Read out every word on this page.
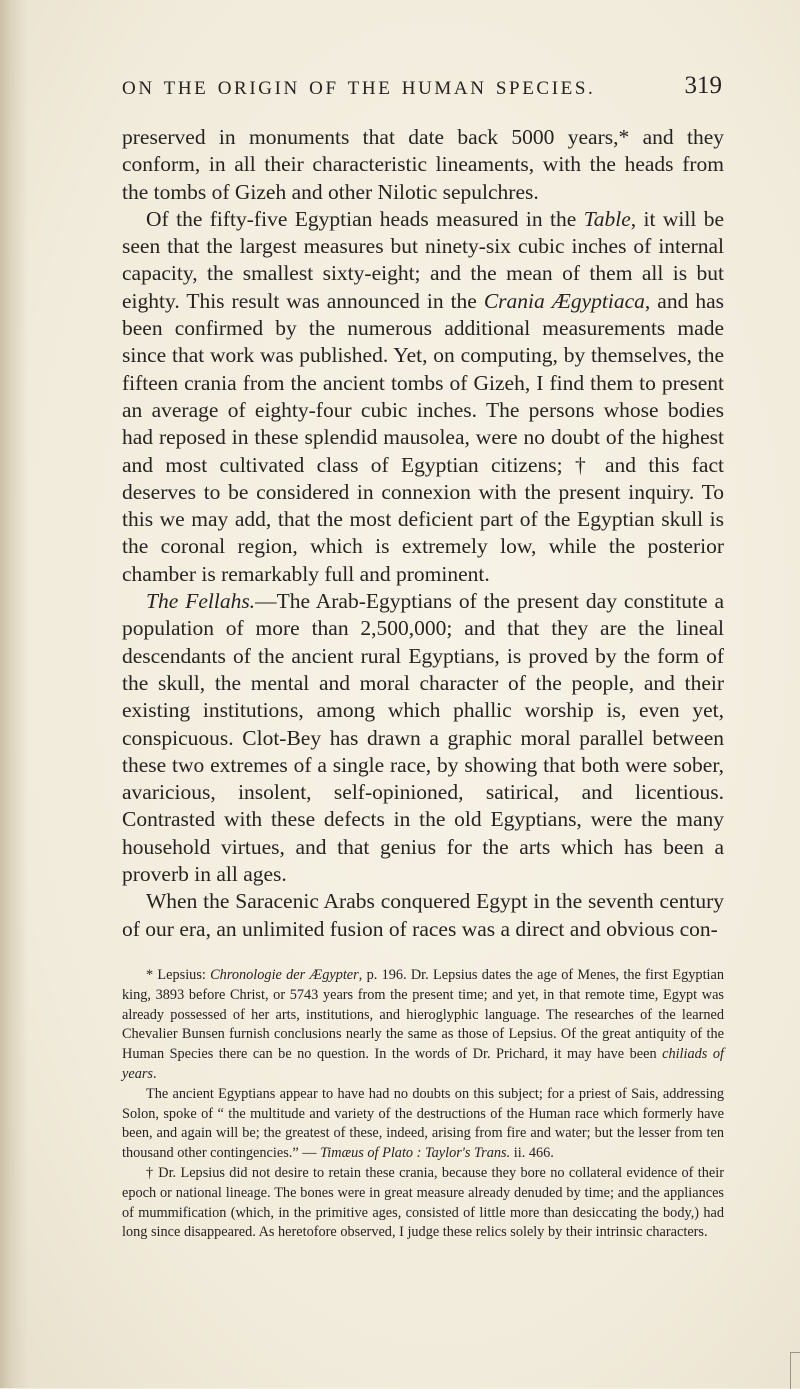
ON THE ORIGIN OF THE HUMAN SPECIES.	319

preserved in monuments that date back 5000 years,* and they conform, in all their characteristic lineaments, with the heads from the tombs of Gizeh and other Nilotic sepulchres.

Of the fifty-five Egyptian heads measured in the Table, it will be seen that the largest measures but ninety-six cubic inches of internal capacity, the smallest sixty-eight; and the mean of them all is but eighty. This result was announced in the Crania Ægyptiaca, and has been confirmed by the numerous additional measurements made since that work was published. Yet, on computing, by themselves, the fifteen crania from the ancient tombs of Gizeh, I find them to present an average of eighty-four cubic inches. The persons whose bodies had reposed in these splendid mausolea, were no doubt of the highest and most cultivated class of Egyptian citizens; † and this fact deserves to be considered in connexion with the present inquiry. To this we may add, that the most deficient part of the Egyptian skull is the coronal region, which is extremely low, while the posterior chamber is remarkably full and prominent.

The Fellahs.—The Arab-Egyptians of the present day constitute a population of more than 2,500,000; and that they are the lineal descendants of the ancient rural Egyptians, is proved by the form of the skull, the mental and moral character of the people, and their existing institutions, among which phallic worship is, even yet, conspicuous. Clot-Bey has drawn a graphic moral parallel between these two extremes of a single race, by showing that both were sober, avaricious, insolent, self-opinioned, satirical, and licentious. Contrasted with these defects in the old Egyptians, were the many household virtues, and that genius for the arts which has been a proverb in all ages.

When the Saracenic Arabs conquered Egypt in the seventh century of our era, an unlimited fusion of races was a direct and obvious con-

* Lepsius: Chronologie der Ægypter, p. 196. Dr. Lepsius dates the age of Menes, the first Egyptian king, 3893 before Christ, or 5743 years from the present time; and yet, in that remote time, Egypt was already possessed of her arts, institutions, and hieroglyphic language. The researches of the learned Chevalier Bunsen furnish conclusions nearly the same as those of Lepsius. Of the great antiquity of the Human Species there can be no question. In the words of Dr. Prichard, it may have been chiliads of years.

The ancient Egyptians appear to have had no doubts on this subject; for a priest of Sais, addressing Solon, spoke of “ the multitude and variety of the destructions of the Human race which formerly have been, and again will be; the greatest of these, indeed, arising from fire and water; but the lesser from ten thousand other contingencies.” — Timæus of Plato : Taylor's Trans. ii. 466.

† Dr. Lepsius did not desire to retain these crania, because they bore no collateral evidence of their epoch or national lineage. The bones were in great measure already denuded by time; and the appliances of mummification (which, in the primitive ages, consisted of little more than desiccating the body,) had long since disappeared. As heretofore observed, I judge these relics solely by their intrinsic characters.
